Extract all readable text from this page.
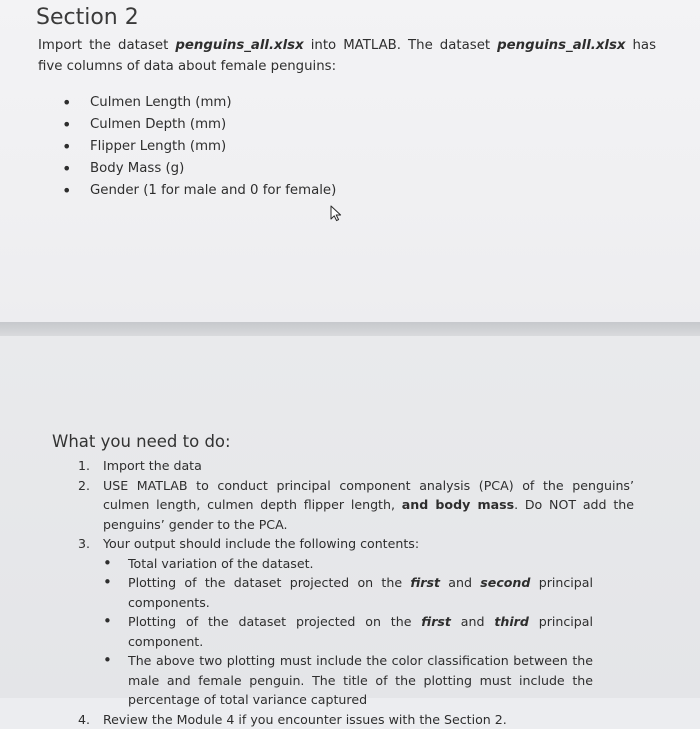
Section 2
Import the dataset penguins_all.xlsx into MATLAB. The dataset penguins_all.xlsx has five columns of data about female penguins:
• Culmen Length (mm)
• Culmen Depth (mm)
• Flipper Length (mm)
• Body Mass (g)
• Gender (1 for male and 0 for female)
What you need to do:
1. Import the data
2. USE MATLAB to conduct principal component analysis (PCA) of the penguins’ culmen length, culmen depth flipper length, and body mass. Do NOT add the penguins’ gender to the PCA.
3. Your output should include the following contents:
• Total variation of the dataset.
• Plotting of the dataset projected on the first and second principal components.
• Plotting of the dataset projected on the first and third principal component.
• The above two plotting must include the color classification between the male and female penguin. The title of the plotting must include the percentage of total variance captured
4. Review the Module 4 if you encounter issues with the Section 2.
